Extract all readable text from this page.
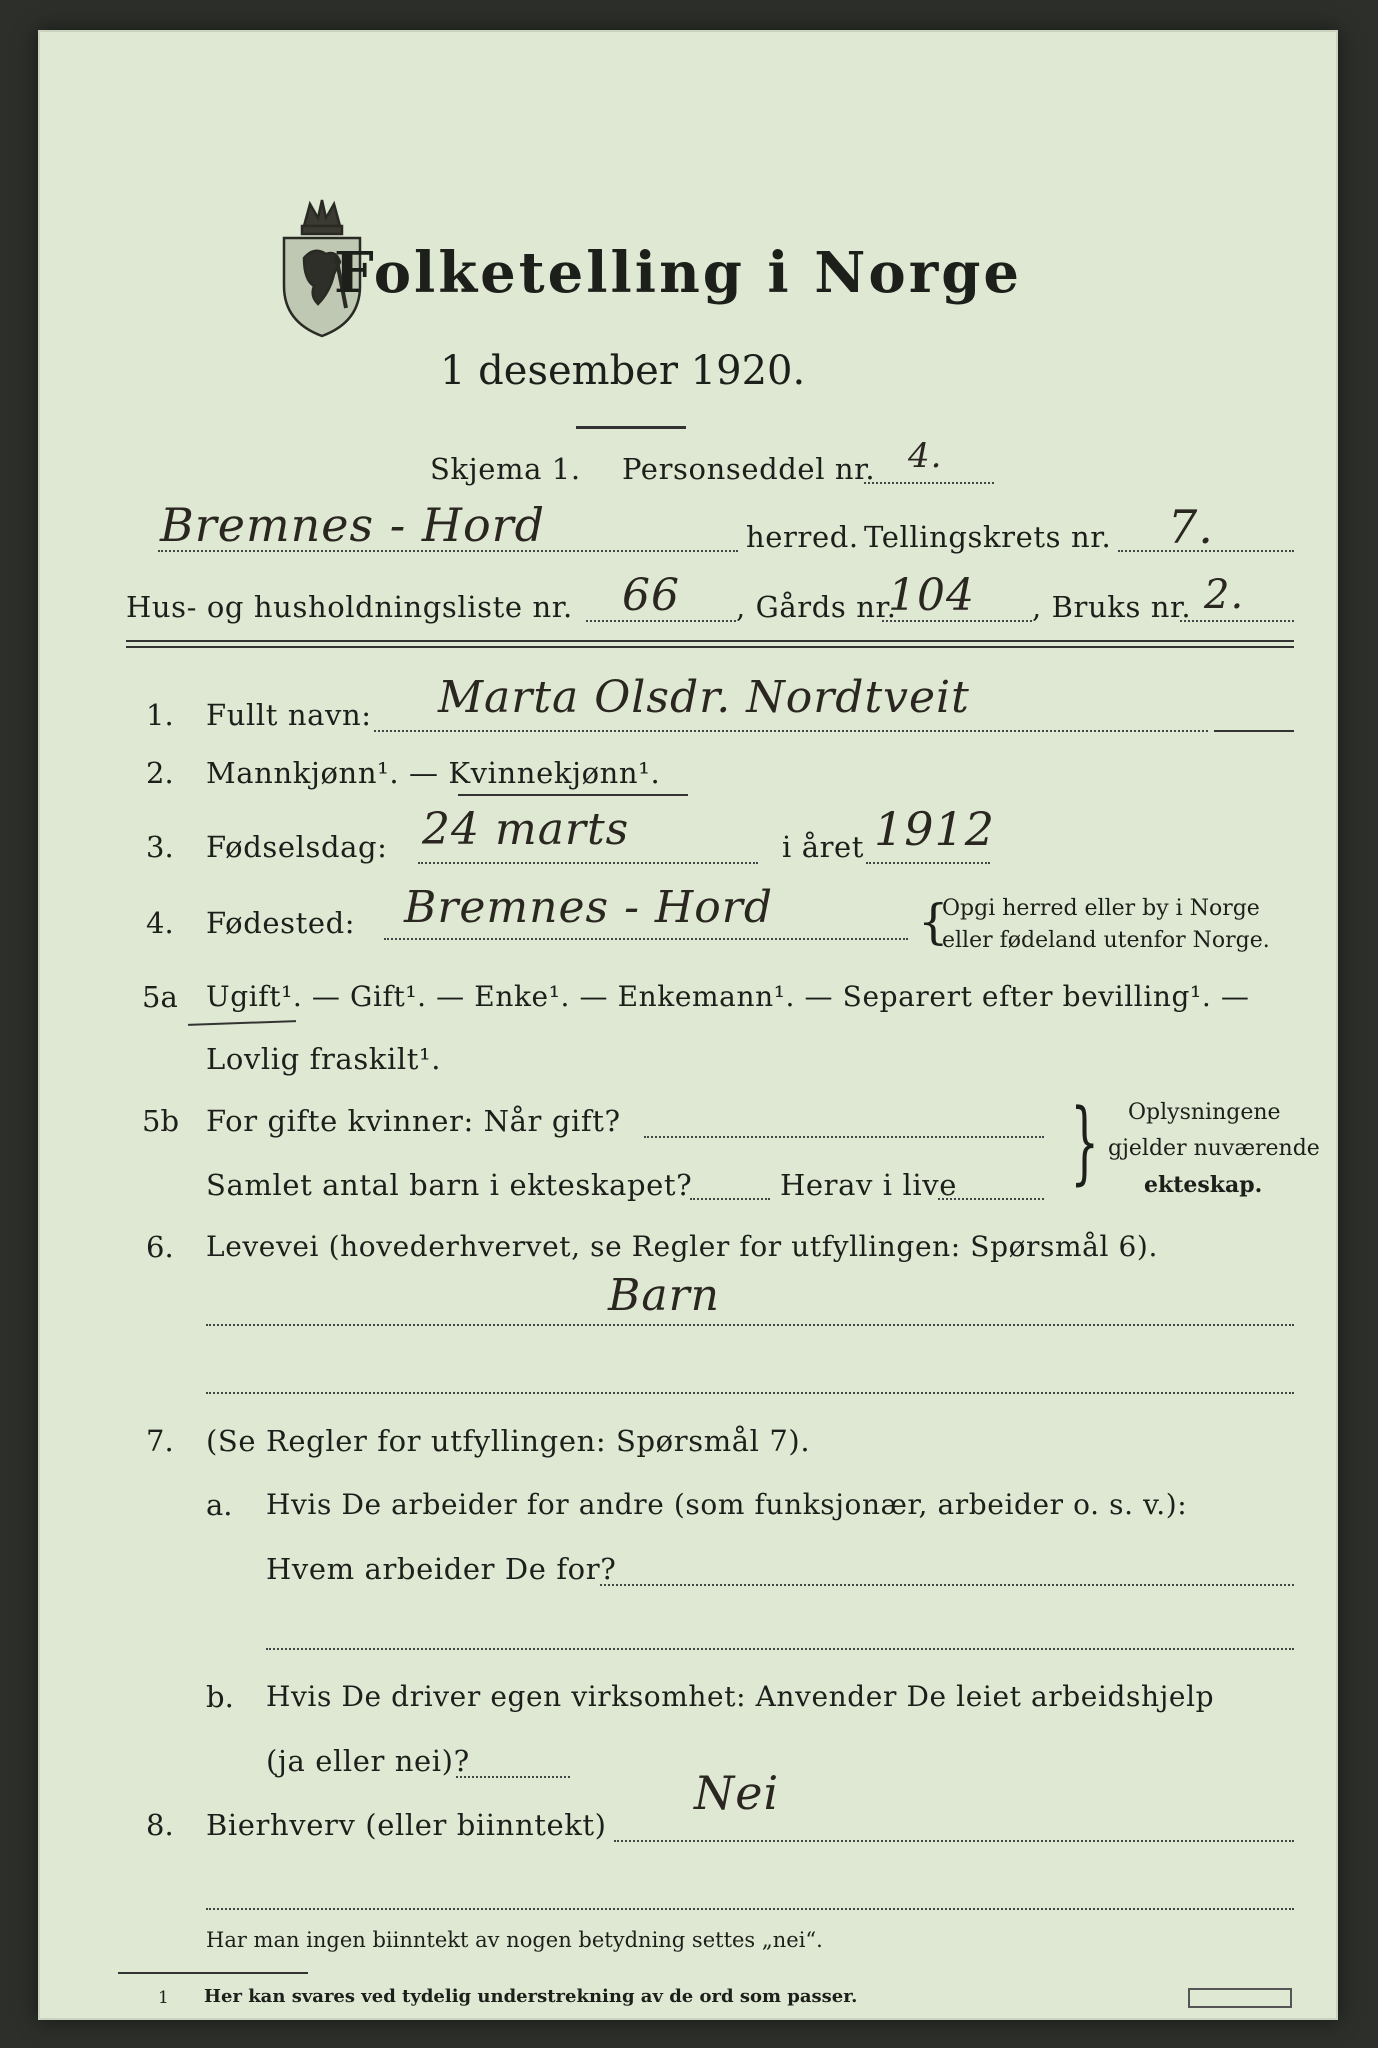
Folketelling i Norge
1 desember 1920.
Skjema 1. Personseddel nr. 4.
Bremnes - Hord	herred. Tellingskrets nr. 7.
Hus- og husholdningsliste nr. 66 , Gårds nr.
104 , Bruks nr. 2.
1. Fullt navn: Marta Olsdr. Nordtveit
2. Mannkjønn¹. — Kvinnekjønn¹.
3. Fødselsdag: 24 marts	i året 1912
4. Fødested: Bremnes - Hord	{
Opgi herred eller by i Norge
eller fødeland utenfor Norge.
5a Ugift¹. — Gift¹. — Enke¹. — Enkemann¹. — Separert efter bevilling¹. —
Lovlig fraskilt¹.
5b For gifte kvinner: Når gift?
Samlet antal barn i ekteskapet?	Herav i live } Oplysningene
gjelder nuværende
ekteskap.
6. Levevei (hovederhvervet, se Regler for utfyllingen: Spørsmål 6).
Barn
7. (Se Regler for utfyllingen: Spørsmål 7).
a. Hvis De arbeider for andre (som funksjonær, arbeider o. s. v.):
Hvem arbeider De for?
b. Hvis De driver egen virksomhet: Anvender De leiet arbeidshjelp
(ja eller nei)?
8. Bierhverv (eller biinntekt)
Nei
Har man ingen biinntekt av nogen betydning settes „nei“.
1 Her kan svares ved tydelig understrekning av de ord som passer.
